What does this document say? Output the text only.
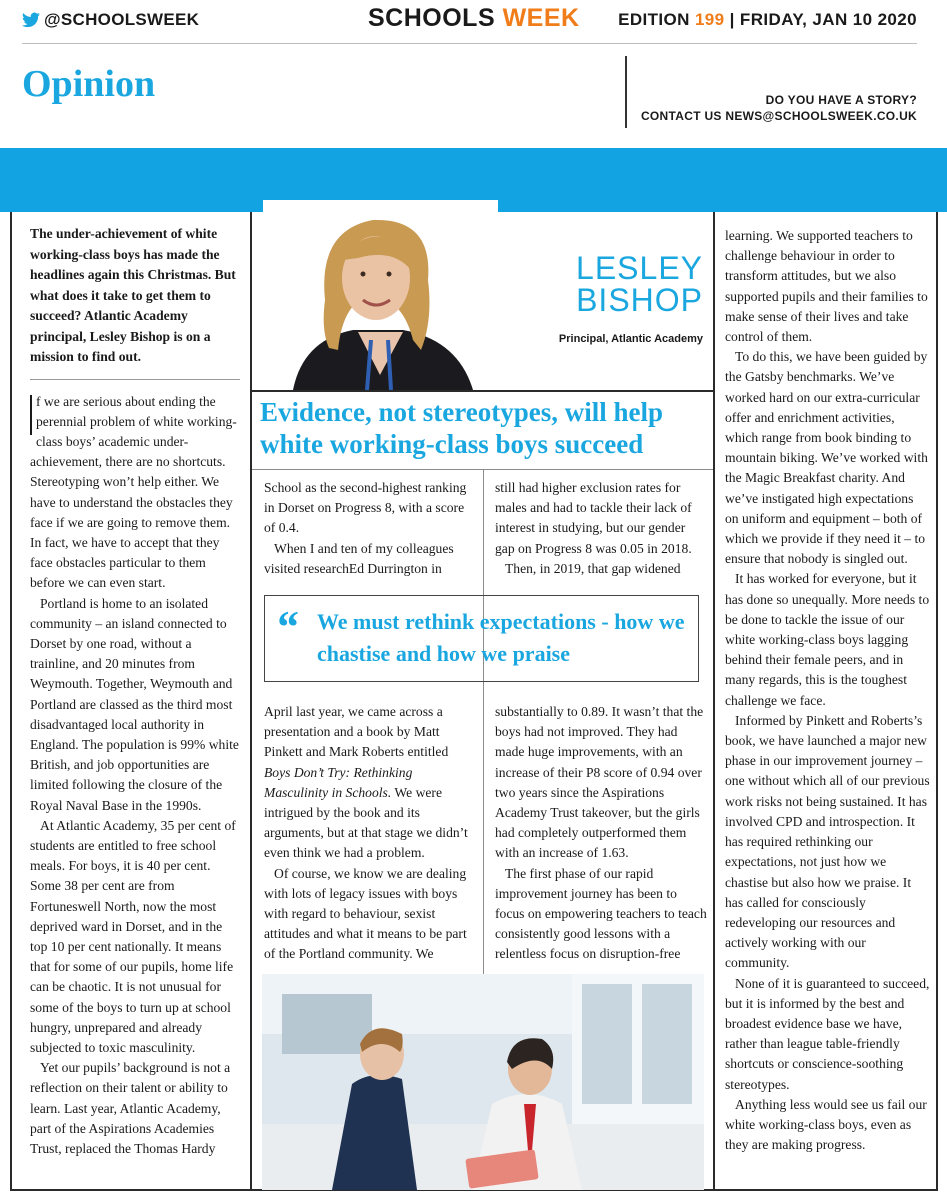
@SCHOOLSWEEK	SCHOOLS WEEK EDITION 199 | FRIDAY, JAN 10 2020
Opinion	DO YOU HAVE A STORY?
CONTACT US NEWS@SCHOOLSWEEK.CO.UK
The under-achievement of white working-class boys has made the headlines again this Christmas. But what does it take to get them to succeed? Atlantic Academy principal, Lesley Bishop is on a mission to find out.

f we are serious about ending the perennial problem of white working-class boys’ academic under-achievement, there are no shortcuts. Stereotyping won’t help either. We have to understand the obstacles they face if we are going to remove them. In fact, we have to accept that they face obstacles particular to them before we can even start.

Portland is home to an isolated community – an island connected to Dorset by one road, without a trainline, and 20 minutes from Weymouth. Together, Weymouth and Portland are classed as the third most disadvantaged local authority in England. The population is 99% white British, and job opportunities are limited following the closure of the Royal Naval Base in the 1990s.

At Atlantic Academy, 35 per cent of students are entitled to free school meals. For boys, it is 40 per cent. Some 38 per cent are from Fortuneswell North, now the most deprived ward in Dorset, and in the top 10 per cent nationally. It means that for some of our pupils, home life can be chaotic. It is not unusual for some of the boys to turn up at school hungry, unprepared and already subjected to toxic masculinity.

Yet our pupils’ background is not a reflection on their talent or ability to learn. Last year, Atlantic Academy, part of the Aspirations Academies Trust, replaced the Thomas Hardy

LESLEY
BISHOP
Principal, Atlantic Academy
Evidence, not stereotypes, will help white working-class boys succeed

School as the second-highest ranking in Dorset on Progress 8, with a score of 0.4.

When I and ten of my colleagues visited researchEd Durrington in

still had higher exclusion rates for males and had to tackle their lack of interest in studying, but our gender gap on Progress 8 was 0.05 in 2018.

Then, in 2019, that gap widened

“ We must rethink expectations - how we chastise and how we praise

April last year, we came across a presentation and a book by Matt Pinkett and Mark Roberts entitled Boys Don’t Try: Rethinking Masculinity in Schools. We were intrigued by the book and its arguments, but at that stage we didn’t even think we had a problem.

Of course, we know we are dealing with lots of legacy issues with boys with regard to behaviour, sexist attitudes and what it means to be part of the Portland community. We

substantially to 0.89. It wasn’t that the boys had not improved. They had made huge improvements, with an increase of their P8 score of 0.94 over two years since the Aspirations Academy Trust takeover, but the girls had completely outperformed them with an increase of 1.63.

The first phase of our rapid improvement journey has been to focus on empowering teachers to teach consistently good lessons with a relentless focus on disruption-free

learning. We supported teachers to challenge behaviour in order to transform attitudes, but we also supported pupils and their families to make sense of their lives and take control of them.

To do this, we have been guided by the Gatsby benchmarks. We’ve worked hard on our extra-curricular offer and enrichment activities, which range from book binding to mountain biking. We’ve worked with the Magic Breakfast charity. And we’ve instigated high expectations on uniform and equipment – both of which we provide if they need it – to ensure that nobody is singled out.

It has worked for everyone, but it has done so unequally. More needs to be done to tackle the issue of our white working-class boys lagging behind their female peers, and in many regards, this is the toughest challenge we face.

Informed by Pinkett and Roberts’s book, we have launched a major new phase in our improvement journey – one without which all of our previous work risks not being sustained. It has involved CPD and introspection. It has required rethinking our expectations, not just how we chastise but also how we praise. It has called for consciously redeveloping our resources and actively working with our community.

None of it is guaranteed to succeed, but it is informed by the best and broadest evidence base we have, rather than league table-friendly shortcuts or conscience-soothing stereotypes.

Anything less would see us fail our white working-class boys, even as they are making progress.
